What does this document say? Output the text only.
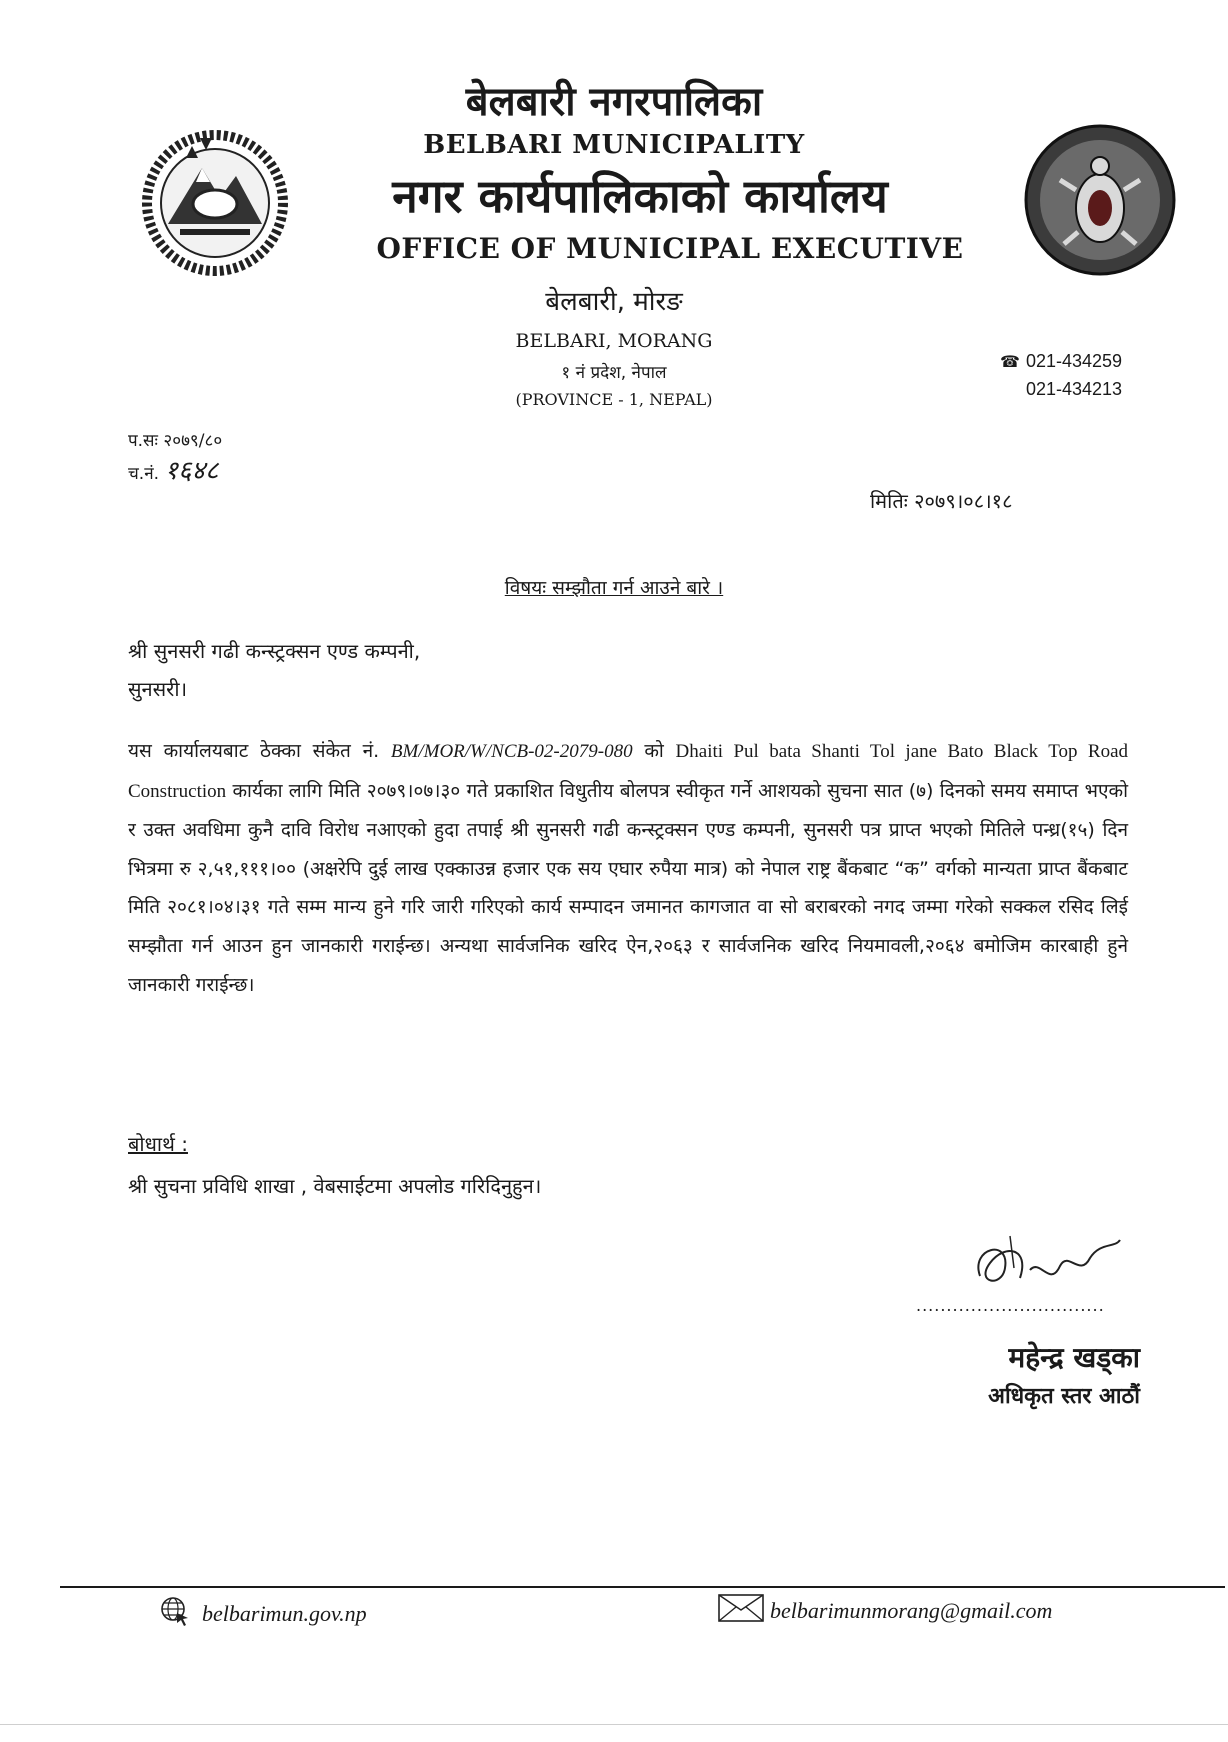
बेलबारी नगरपालिका
BELBARI MUNICIPALITY
नगर कार्यपालिकाको कार्यालय
OFFICE OF MUNICIPAL EXECUTIVE
बेलबारी, मोरङ
BELBARI, MORANG
१ नं प्रदेश, नेपाल
(PROVINCE - 1, NEPAL)
☎ 021-434259
021-434213
प.सः २०७९/८०
च.नं. १६४८
मितिः २०७९।०८।१८
विषयः सम्झौता गर्न आउने बारे ।
श्री सुनसरी गढी कन्स्ट्रक्सन एण्ड कम्पनी,
सुनसरी।
यस कार्यालयबाट ठेक्का संकेत नं. BM/MOR/W/NCB-02-2079-080 को Dhaiti Pul bata Shanti Tol jane Bato Black Top Road Construction कार्यका लागि मिति २०७९।०७।३० गते प्रकाशित विधुतीय बोलपत्र स्वीकृत गर्ने आशयको सुचना सात (७) दिनको समय समाप्त भएको र उक्त अवधिमा कुनै दावि विरोध नआएको हुदा तपाई श्री सुनसरी गढी कन्स्ट्रक्सन एण्ड कम्पनी, सुनसरी पत्र प्राप्त भएको मितिले पन्ध्र(१५) दिन भित्रमा रु २,५१,१११।०० (अक्षरेपि दुई लाख एक्काउन्न हजार एक सय एघार रुपैया मात्र) को नेपाल राष्ट्र बैंकबाट “क” वर्गको मान्यता प्राप्त बैंकबाट मिति २०८१।०४।३१ गते सम्म मान्य हुने गरि जारी गरिएको कार्य सम्पादन जमानत कागजात वा सो बराबरको नगद जम्मा गरेको सक्कल रसिद लिई सम्झौता गर्न आउन हुन जानकारी गराईन्छ। अन्यथा सार्वजनिक खरिद ऐन,२०६३ र सार्वजनिक खरिद नियमावली,२०६४ बमोजिम कारबाही हुने जानकारी गराईन्छ।
बोधार्थ :
श्री सुचना प्रविधि शाखा , वेबसाईटमा अपलोड गरिदिनुहुन।
...............................
महेन्द्र खड्का
अधिकृत स्तर आठौं
belbarimun.gov.np	belbarimunmorang@gmail.com
